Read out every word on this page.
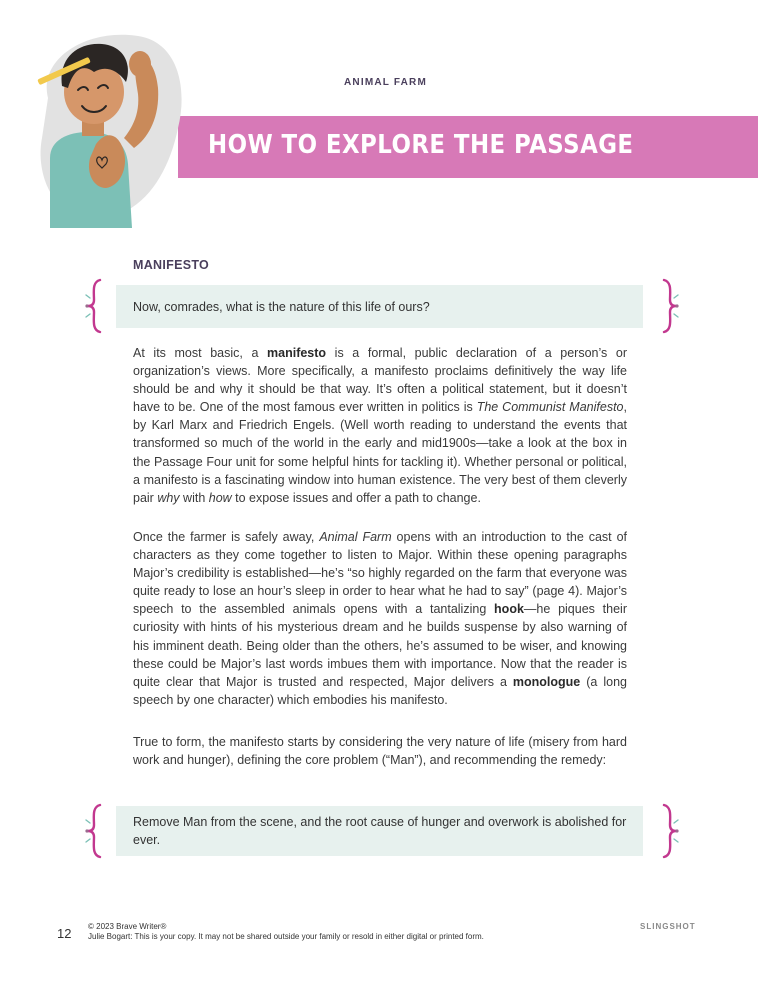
ANIMAL FARM
HOW TO EXPLORE THE PASSAGE
MANIFESTO
Now, comrades, what is the nature of this life of ours?

At its most basic, a manifesto is a formal, public declaration of a person’s or organization’s views. More specifically, a manifesto proclaims definitively the way life should be and why it should be that way. It’s often a political statement, but it doesn’t have to be. One of the most famous ever written in politics is The Communist Manifesto, by Karl Marx and Friedrich Engels. (Well worth reading to understand the events that transformed so much of the world in the early and mid1900s—take a look at the box in the Passage Four unit for some helpful hints for tackling it). Whether personal or political, a manifesto is a fascinating window into human existence. The very best of them cleverly pair why with how to expose issues and offer a path to change.

Once the farmer is safely away, Animal Farm opens with an introduction to the cast of characters as they come together to listen to Major. Within these opening paragraphs Major’s credibility is established—he’s “so highly regarded on the farm that everyone was quite ready to lose an hour’s sleep in order to hear what he had to say” (page 4). Major’s speech to the assembled animals opens with a tantalizing hook—he piques their curiosity with hints of his mysterious dream and he builds suspense by also warning of his imminent death. Being older than the others, he’s assumed to be wiser, and knowing these could be Major’s last words imbues them with importance. Now that the reader is quite clear that Major is trusted and respected, Major delivers a monologue (a long speech by one character) which embodies his manifesto.

True to form, the manifesto starts by considering the very nature of life (misery from hard work and hunger), defining the core problem (“Man”), and recommending the remedy:

Remove Man from the scene, and the root cause of hunger and overwork is abolished for ever.
12 © 2023 Brave Writer®
Julie Bogart: This is your copy. It may not be shared outside your family or resold in either digital or printed form.
SLINGSHOT
